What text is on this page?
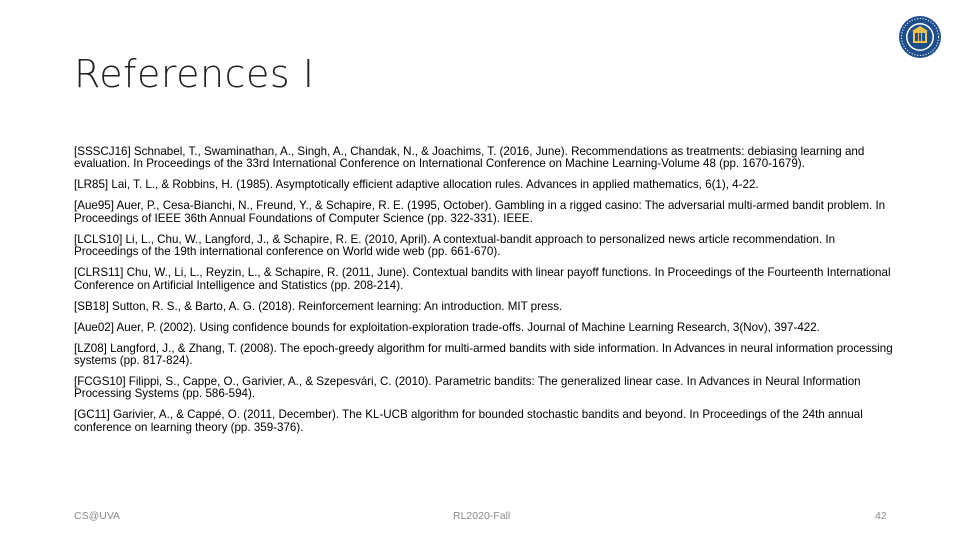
References I

[SSSCJ16] Schnabel, T., Swaminathan, A., Singh, A., Chandak, N., & Joachims, T. (2016, June). Recommendations as treatments: debiasing learning and evaluation. In Proceedings of the 33rd International Conference on International Conference on Machine Learning-Volume 48 (pp. 1670-1679).

[LR85] Lai, T. L., & Robbins, H. (1985). Asymptotically efficient adaptive allocation rules. Advances in applied mathematics, 6(1), 4-22.

[Aue95] Auer, P., Cesa-Bianchi, N., Freund, Y., & Schapire, R. E. (1995, October). Gambling in a rigged casino: The adversarial multi-armed bandit problem. In Proceedings of IEEE 36th Annual Foundations of Computer Science (pp. 322-331). IEEE.

[LCLS10] Li, L., Chu, W., Langford, J., & Schapire, R. E. (2010, April). A contextual-bandit approach to personalized news article recommendation. In Proceedings of the 19th international conference on World wide web (pp. 661-670).

[CLRS11] Chu, W., Li, L., Reyzin, L., & Schapire, R. (2011, June). Contextual bandits with linear payoff functions. In Proceedings of the Fourteenth International Conference on Artificial Intelligence and Statistics (pp. 208-214).

[SB18] Sutton, R. S., & Barto, A. G. (2018). Reinforcement learning: An introduction. MIT press.

[Aue02] Auer, P. (2002). Using confidence bounds for exploitation-exploration trade-offs. Journal of Machine Learning Research, 3(Nov), 397-422.

[LZ08] Langford, J., & Zhang, T. (2008). The epoch-greedy algorithm for multi-armed bandits with side information. In Advances in neural information processing systems (pp. 817-824).

[FCGS10] Filippi, S., Cappe, O., Garivier, A., & Szepesvári, C. (2010). Parametric bandits: The generalized linear case. In Advances in Neural Information Processing Systems (pp. 586-594).

[GC11] Garivier, A., & Cappé, O. (2011, December). The KL-UCB algorithm for bounded stochastic bandits and beyond. In Proceedings of the 24th annual conference on learning theory (pp. 359-376).

CS@UVA	RL2020-Fall	42
